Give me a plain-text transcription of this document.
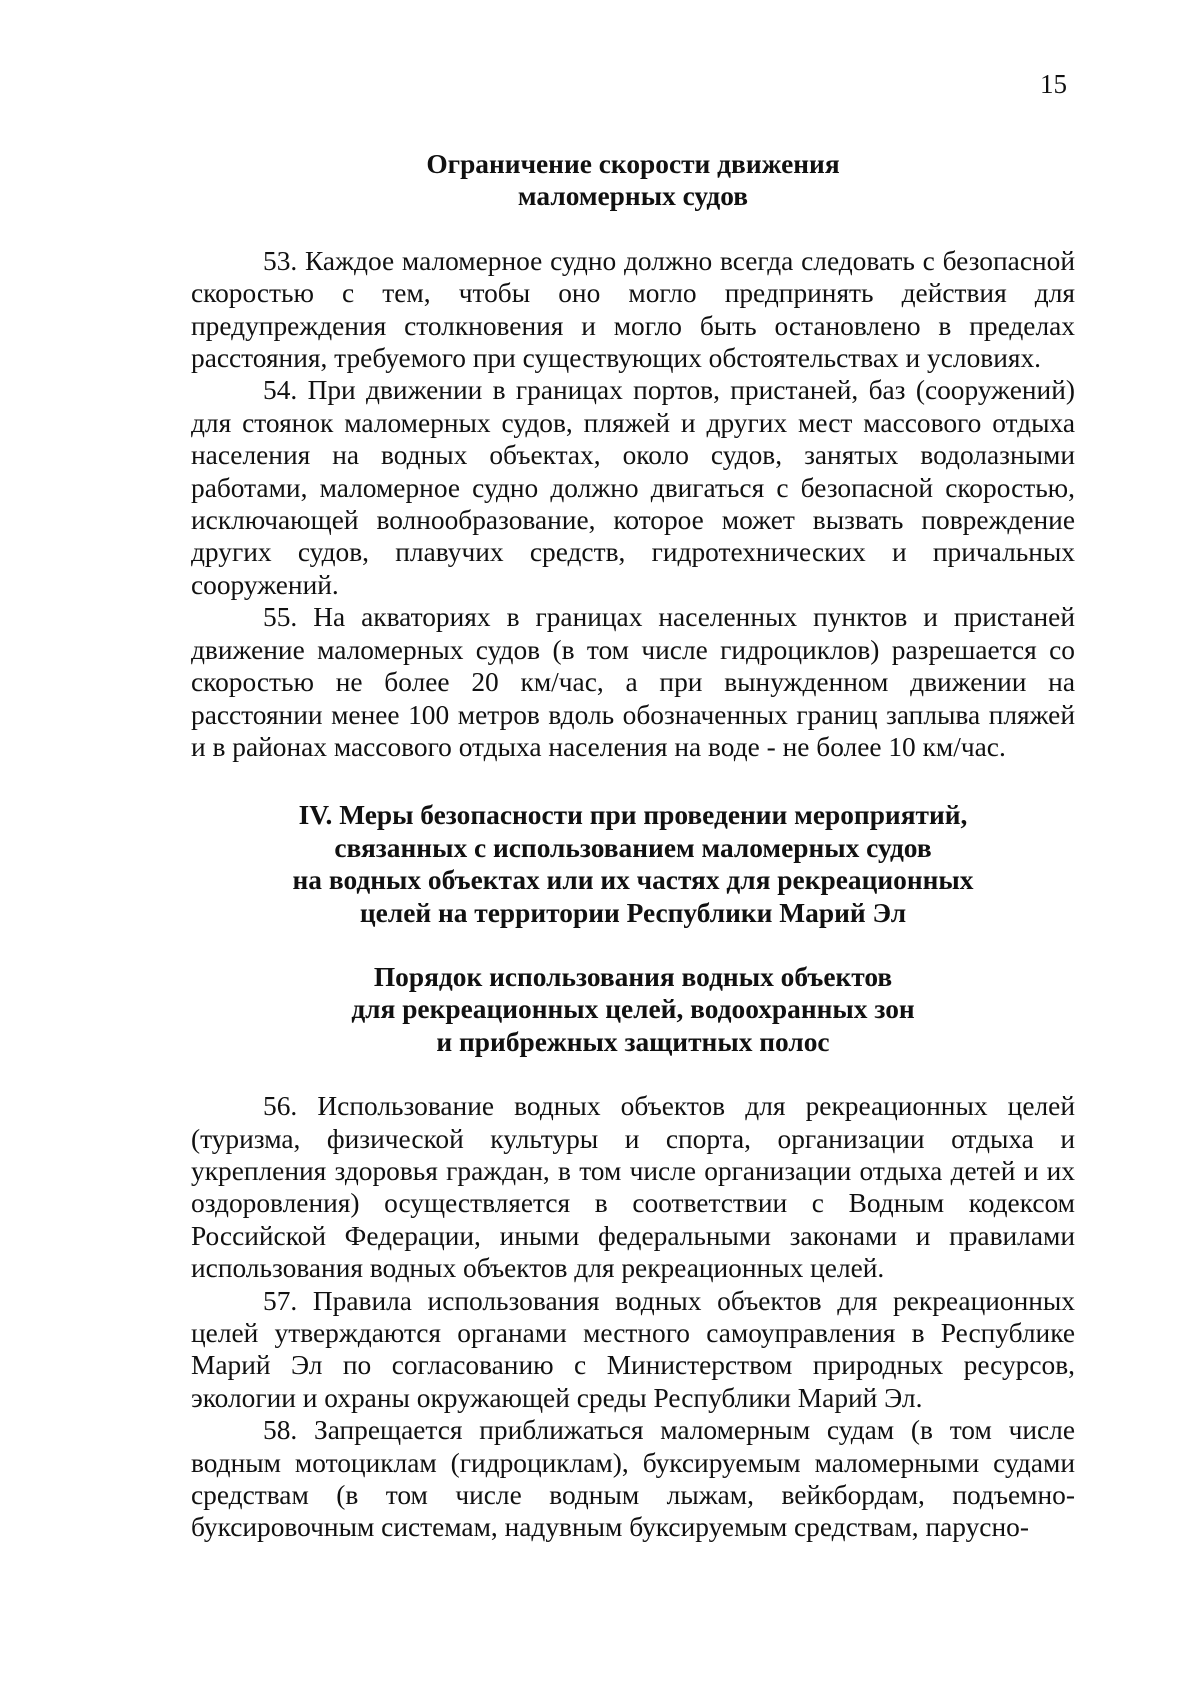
15
Ограничение скорости движения
маломерных судов

53. Каждое маломерное судно должно всегда следовать с безопасной скоростью с тем, чтобы оно могло предпринять действия для предупреждения столкновения и могло быть остановлено в пределах расстояния, требуемого при существующих обстоятельствах и условиях.

54. При движении в границах портов, пристаней, баз (сооружений) для стоянок маломерных судов, пляжей и других мест массового отдыха населения на водных объектах, около судов, занятых водолазными работами, маломерное судно должно двигаться с безопасной скоростью, исключающей волнообразование, которое может вызвать повреждение других судов, плавучих средств, гидротехнических и причальных сооружений.

55. На акваториях в границах населенных пунктов и пристаней движение маломерных судов (в том числе гидроциклов) разрешается со скоростью не более 20 км/час, а при вынужденном движении на расстоянии менее 100 метров вдоль обозначенных границ заплыва пляжей и в районах массового отдыха населения на воде - не более 10 км/час.

IV. Меры безопасности при проведении мероприятий,
связанных с использованием маломерных судов
на водных объектах или их частях для рекреационных
целей на территории Республики Марий Эл
Порядок использования водных объектов
для рекреационных целей, водоохранных зон
и прибрежных защитных полос

56. Использование водных объектов для рекреационных целей (туризма, физической культуры и спорта, организации отдыха и укрепления здоровья граждан, в том числе организации отдыха детей и их оздоровления) осуществляется в соответствии с Водным кодексом Российской Федерации, иными федеральными законами и правилами использования водных объектов для рекреационных целей.

57. Правила использования водных объектов для рекреационных целей утверждаются органами местного самоуправления в Республике Марий Эл по согласованию с Министерством природных ресурсов, экологии и охраны окружающей среды Республики Марий Эл.

58. Запрещается приближаться маломерным судам (в том числе водным мотоциклам (гидроциклам), буксируемым маломерными судами средствам (в том числе водным лыжам, вейкбордам, подъемно-буксировочным системам, надувным буксируемым средствам, парусно-
